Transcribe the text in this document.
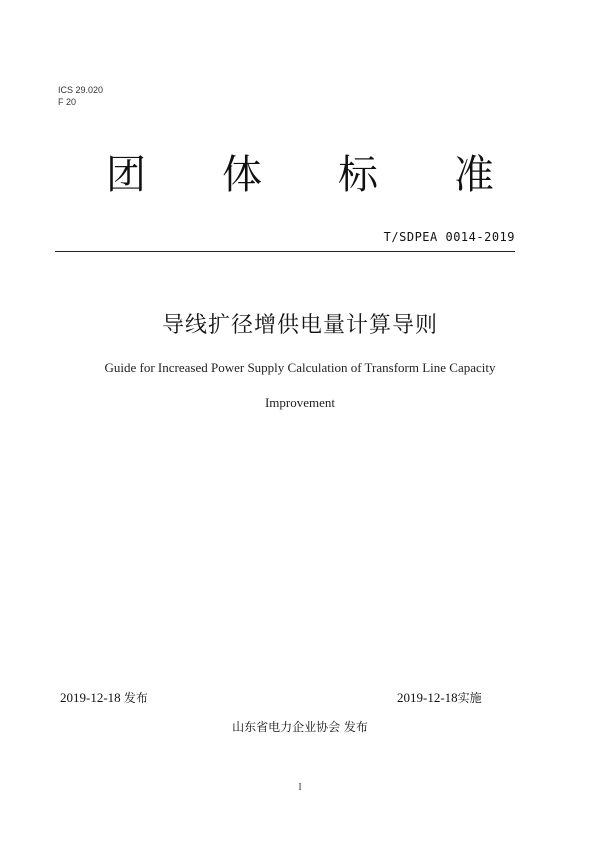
ICS 29.020
F 20
团 体 标 准
T/SDPEA 0014-2019
导线扩径增供电量计算导则
Guide for Increased Power Supply Calculation of Transform Line Capacity
Improvement
2019-12-18 发布	2019-12-18实施
山东省电力企业协会 发布
I
